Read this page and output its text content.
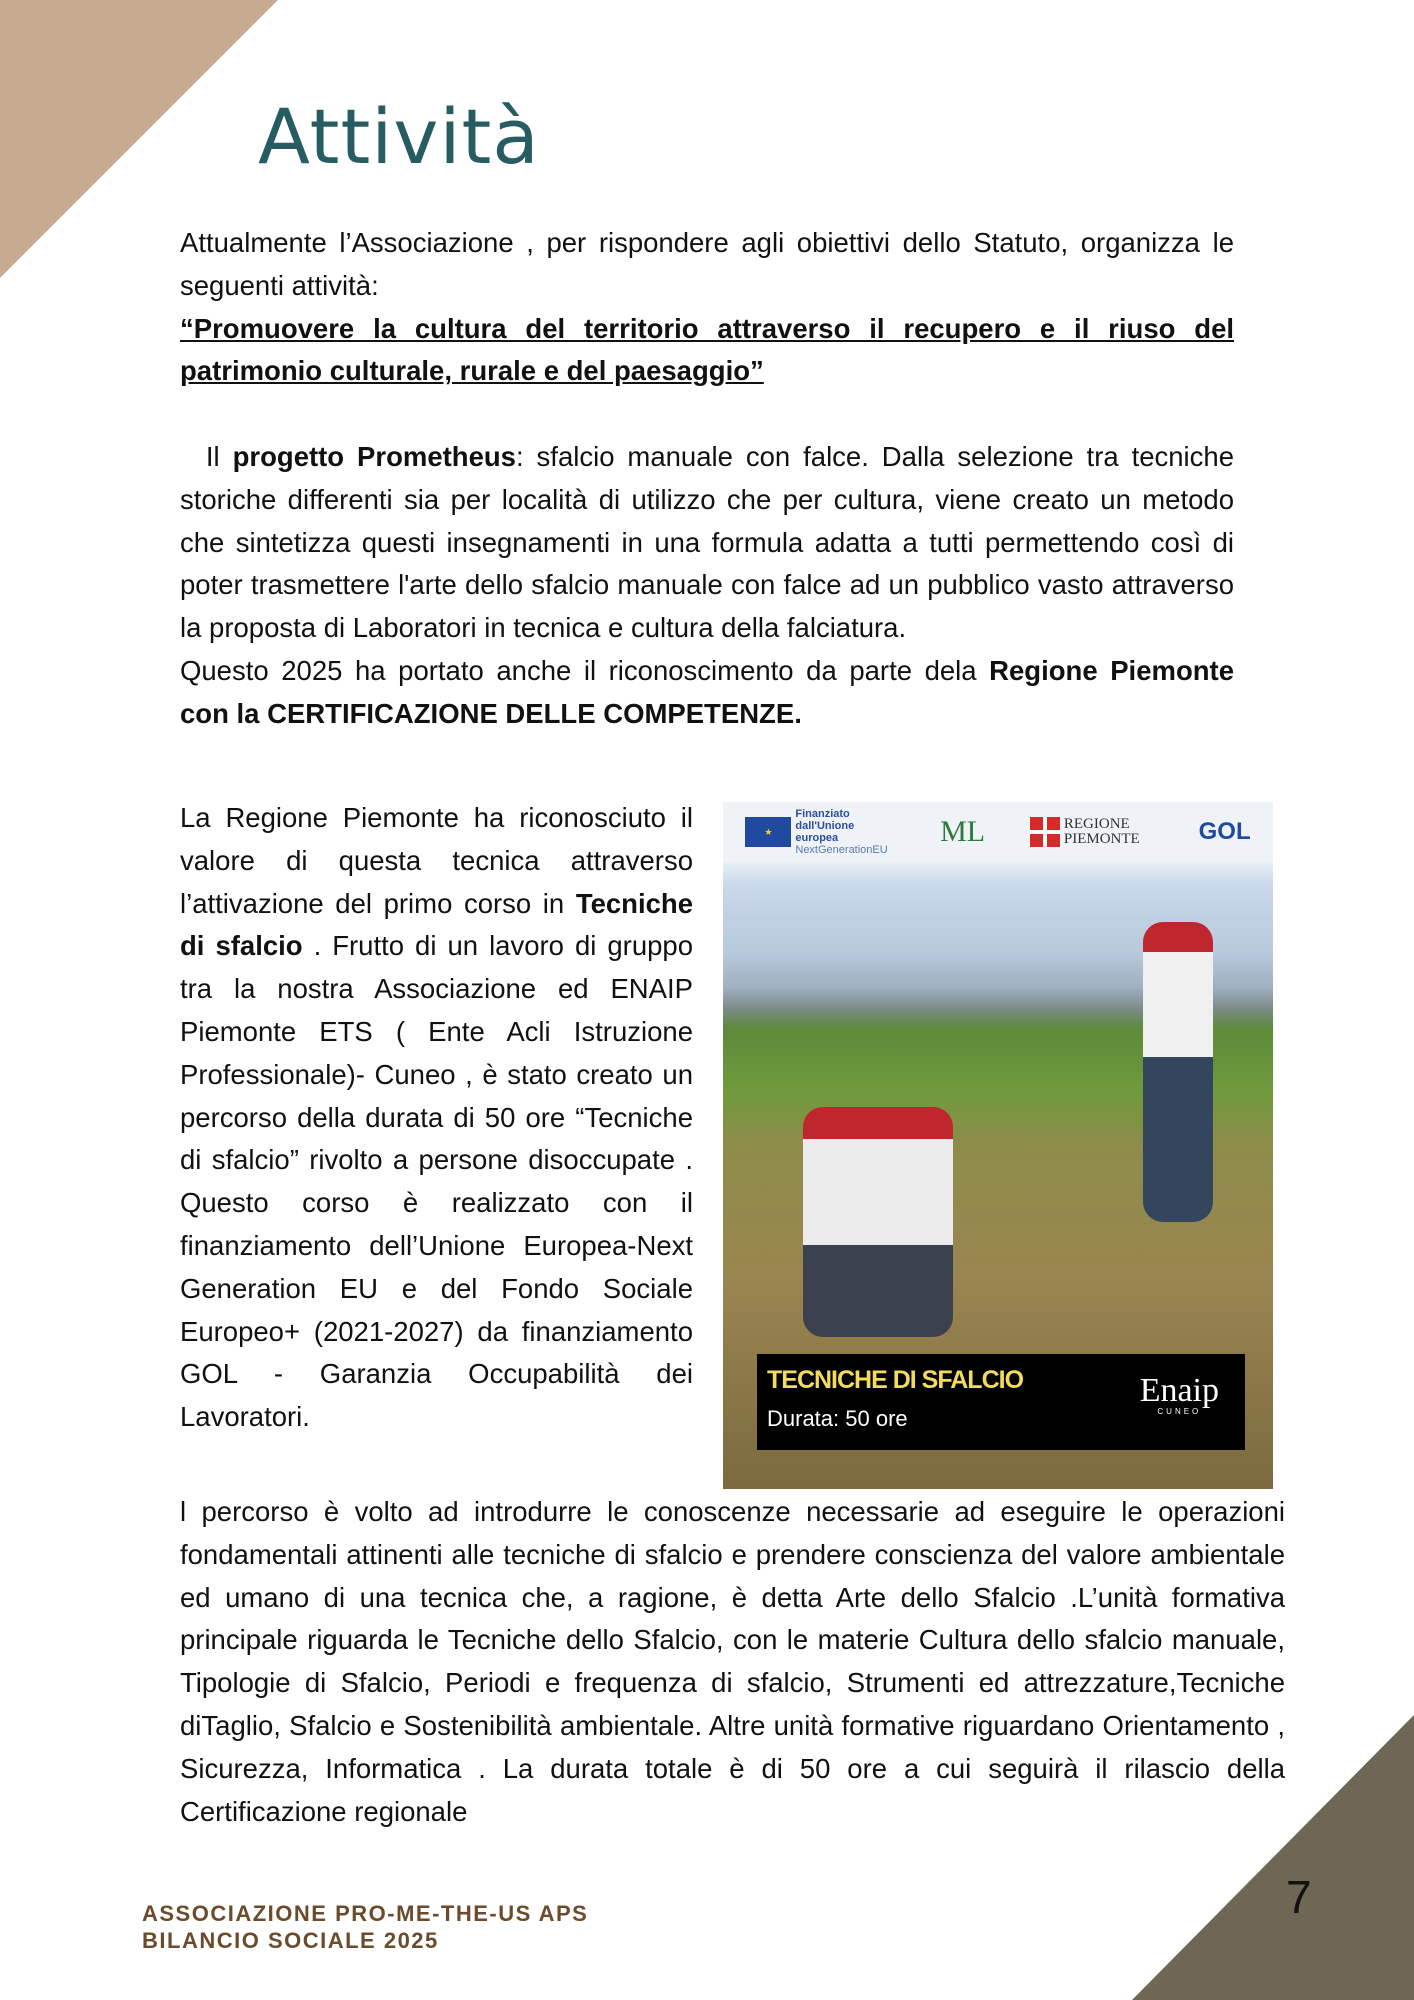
Attività

Attualmente l’Associazione , per rispondere agli obiettivi dello Statuto, organizza le seguenti attività:

“Promuovere la cultura del territorio attraverso il recupero e il riuso del patrimonio culturale, rurale e del paesaggio”

Il progetto Prometheus: sfalcio manuale con falce. Dalla selezione tra tecniche storiche differenti sia per località di utilizzo che per cultura, viene creato un metodo che sintetizza questi insegnamenti in una formula adatta a tutti permettendo così di poter trasmettere l'arte dello sfalcio manuale con falce ad un pubblico vasto attraverso la proposta di Laboratori in tecnica e cultura della falciatura.

Questo 2025 ha portato anche il riconoscimento da parte dela Regione Piemonte con la CERTIFICAZIONE DELLE COMPETENZE.

La Regione Piemonte ha riconosciuto il valore di questa tecnica attraverso l’attivazione del primo corso in Tecniche di sfalcio . Frutto di un lavoro di gruppo tra la nostra Associazione ed ENAIP Piemonte ETS ( Ente Acli Istruzione Professionale)- Cuneo , è stato creato un percorso della durata di 50 ore “Tecniche di sfalcio” rivolto a persone disoccupate . Questo corso è realizzato con il finanziamento dell’Unione Europea-Next Generation EU e del Fondo Sociale Europeo+ (2021-2027) da finanziamento GOL - Garanzia Occupabilità dei Lavoratori.

★
Finanziato dall'Unione europea
NextGenerationEU
ML	REGIONE PIEMONTE	GOL
TECNICHE DI SFALCIO
Durata: 50 ore
Enaip
CUNEO
l percorso è volto ad introdurre le conoscenze necessarie ad eseguire le operazioni fondamentali attinenti alle tecniche di sfalcio e prendere conscienza del valore ambientale ed umano di una tecnica che, a ragione, è detta Arte dello Sfalcio .L’unità formativa principale riguarda le Tecniche dello Sfalcio, con le materie Cultura dello sfalcio manuale, Tipologie di Sfalcio, Periodi e frequenza di sfalcio, Strumenti ed attrezzature,Tecniche diTaglio, Sfalcio e Sostenibilità ambientale. Altre unità formative riguardano Orientamento , Sicurezza, Informatica . La durata totale è di 50 ore a cui seguirà il rilascio della Certificazione regionale
ASSOCIAZIONE PRO-ME-THE-US APS
BILANCIO SOCIALE 2025
7
